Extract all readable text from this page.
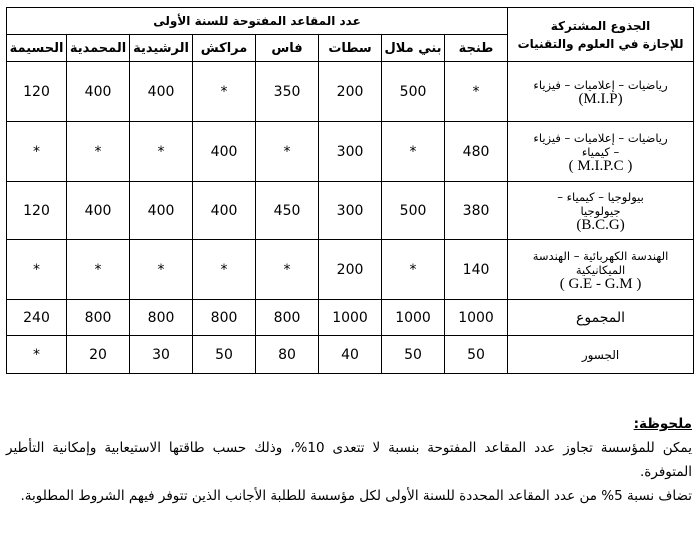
الجذوع المشتركة
للإجازة في العلوم والتقنيات	عدد المقاعد المفتوحة للسنة الأولى							
	طنجة	بني ملال	سطات	فاس	مراكش	الرشيدية	المحمدية	الحسيمة
رياضيات – إعلاميات – فيزياء
(M.I.P)	*	500	200	350	*	400	400	120
رياضيات – إعلاميات – فيزياء
– كيمياء
( M.I.P.C )	480	*	300	*	400	*	*	*
بيولوجيا – كيمياء –
جيولوجيا
(B.C.G)	380	500	300	450	400	400	400	120
الهندسة الكهربائية – الهندسة
الميكانيكية
( G.E - G.M )	140	*	200	*	*	*	*	*
المجموع	1000	1000	1000	800	800	800	800	240
الجسور	50	50	40	80	50	30	20	*
ملحوظة:

يمكن للمؤسسة تجاوز عدد المقاعد المفتوحة بنسبة لا تتعدى 10%، وذلك حسب طاقتها الاستيعابية وإمكانية التأطير المتوفرة.

تضاف نسبة 5% من عدد المقاعد المحددة للسنة الأولى لكل مؤسسة للطلبة الأجانب الذين تتوفر فيهم الشروط المطلوبة.
